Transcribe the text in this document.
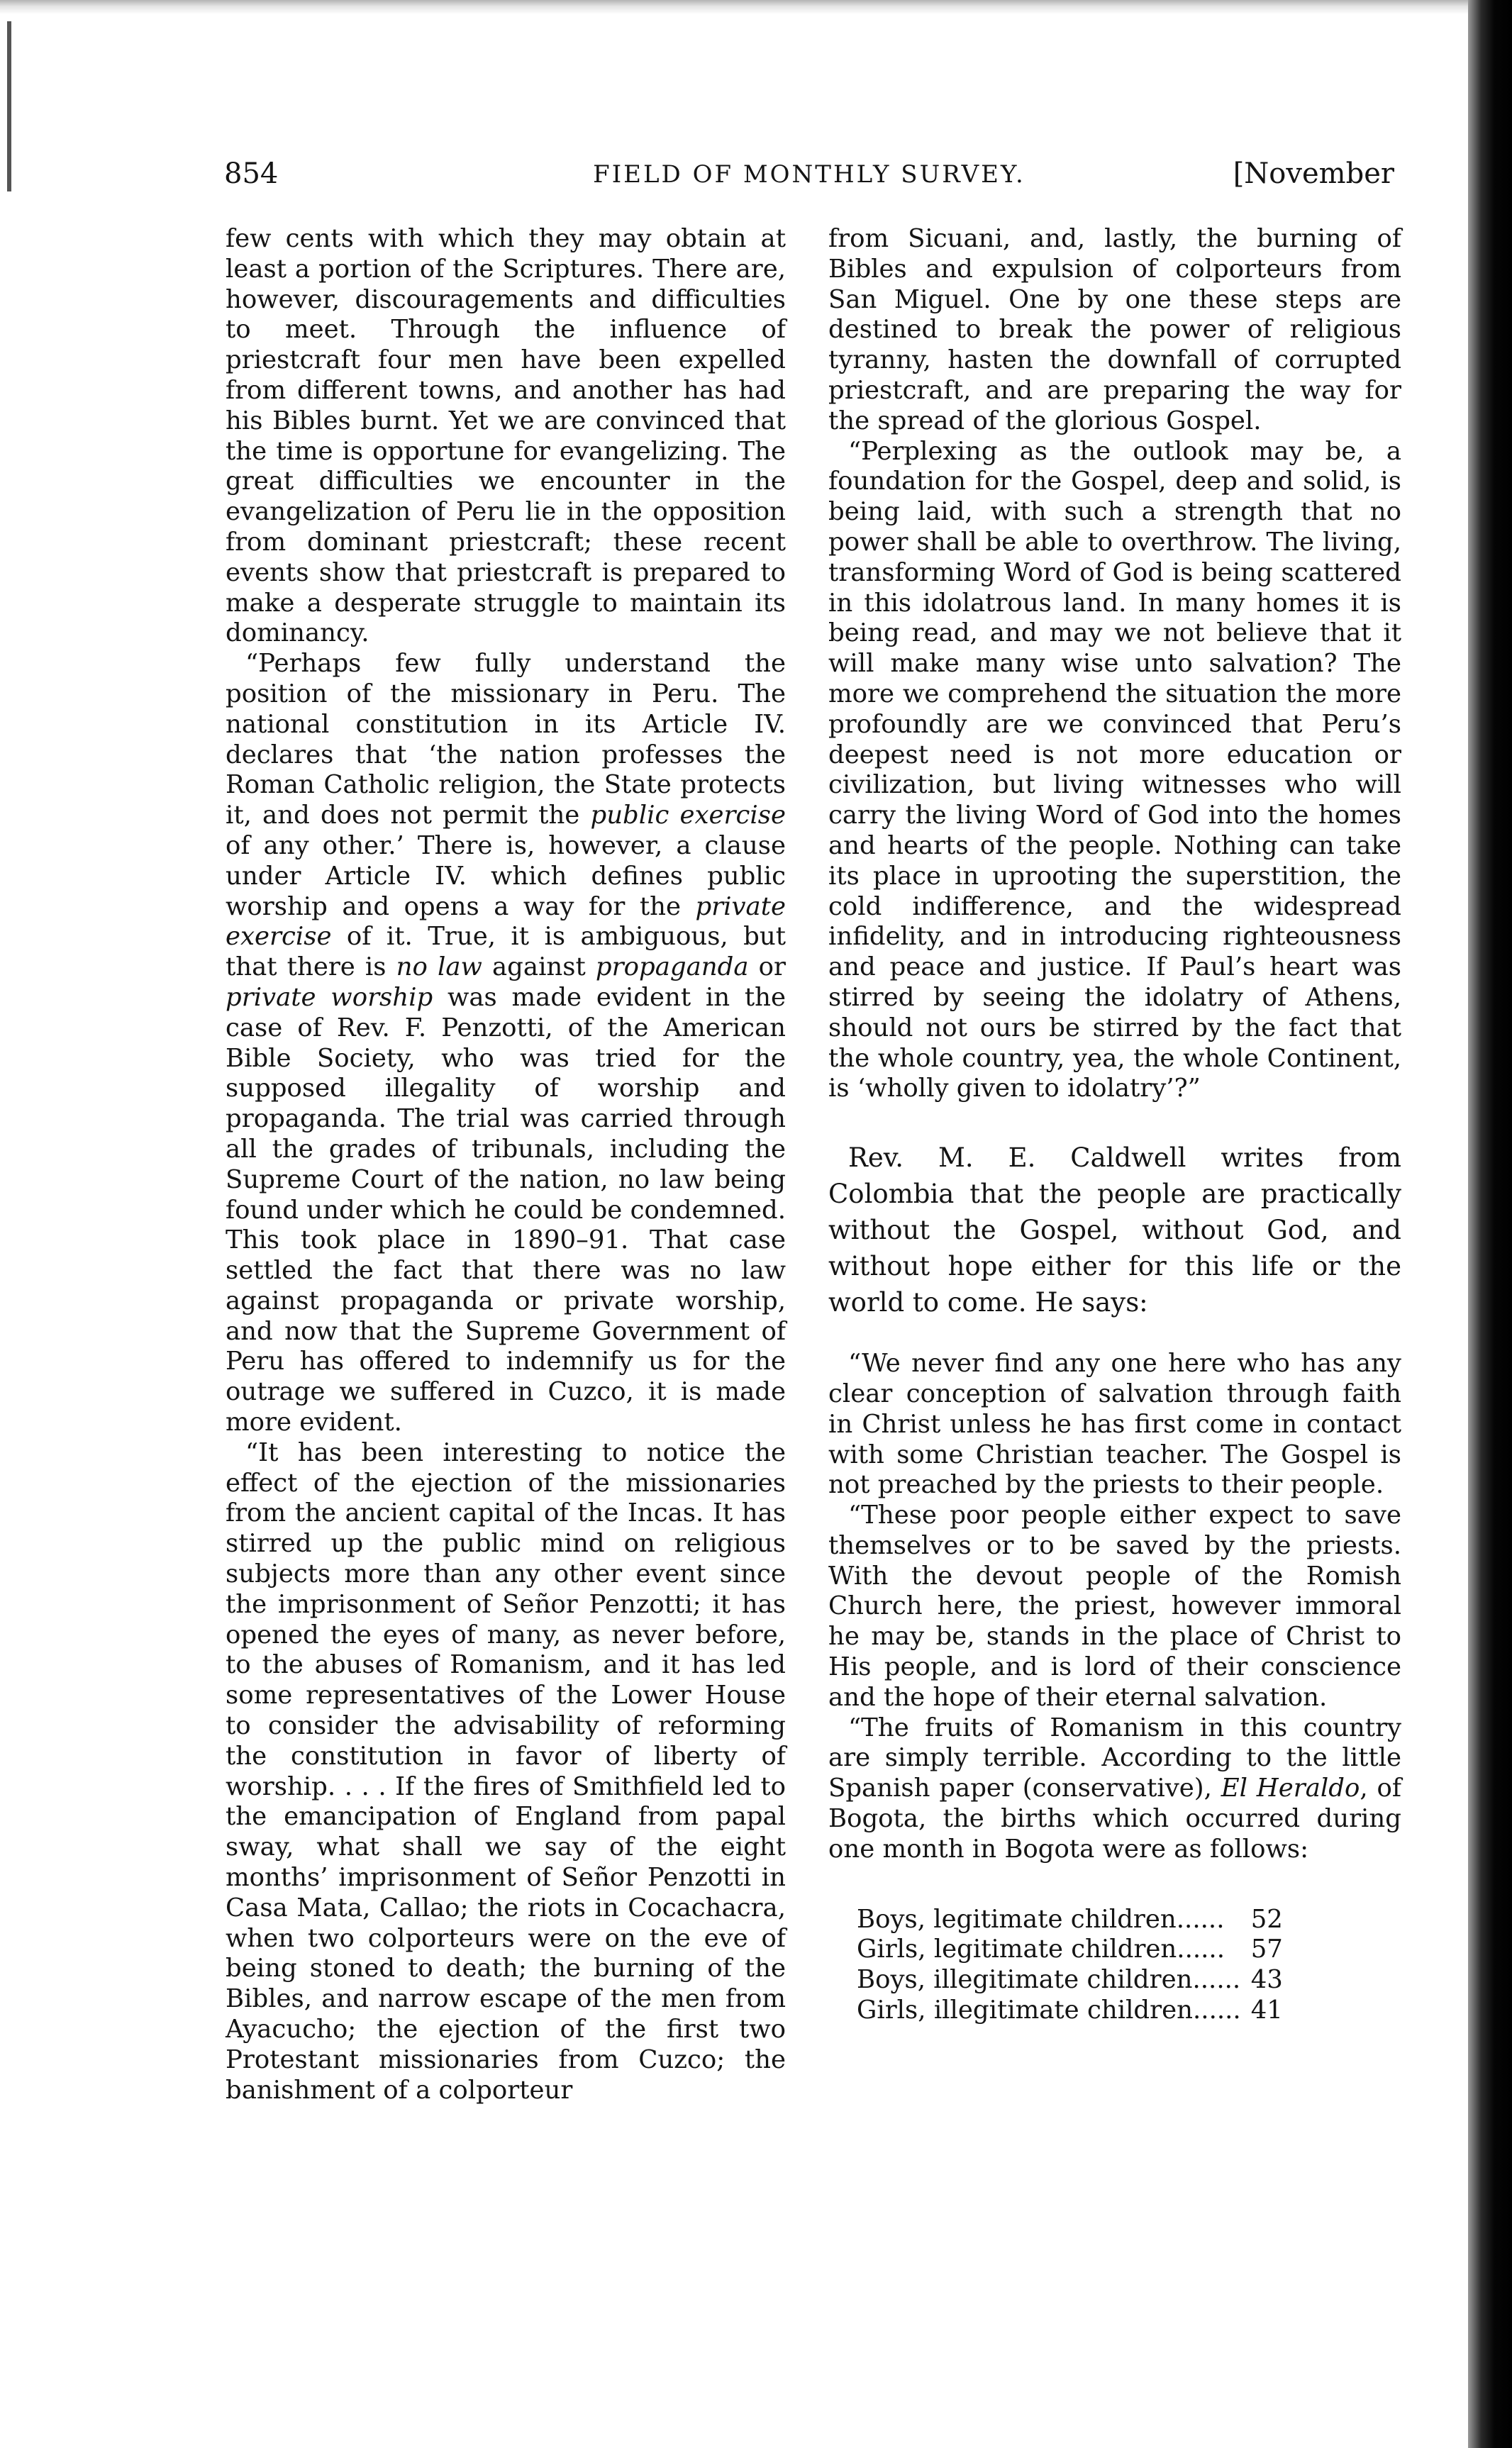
854	FIELD OF MONTHLY SURVEY.	[November

few cents with which they may obtain at least a portion of the Scriptures. There are, however, discouragements and difficulties to meet. Through the influence of priestcraft four men have been expelled from different towns, and another has had his Bibles burnt. Yet we are convinced that the time is opportune for evangelizing. The great difficulties we encounter in the evangelization of Peru lie in the opposition from dominant priestcraft; these recent events show that priestcraft is prepared to make a desperate struggle to maintain its dominancy.

“Perhaps few fully understand the position of the missionary in Peru. The national constitution in its Article IV. declares that ‘the nation professes the Roman Catholic religion, the State protects it, and does not permit the public exercise of any other.’ There is, however, a clause under Article IV. which defines public worship and opens a way for the private exercise of it. True, it is ambiguous, but that there is no law against propaganda or private worship was made evident in the case of Rev. F. Penzotti, of the American Bible Society, who was tried for the supposed illegality of worship and propaganda. The trial was carried through all the grades of tribunals, including the Supreme Court of the nation, no law being found under which he could be condemned. This took place in 1890–91. That case settled the fact that there was no law against propaganda or private worship, and now that the Supreme Government of Peru has offered to indemnify us for the outrage we suffered in Cuzco, it is made more evident.

“It has been interesting to notice the effect of the ejection of the missionaries from the ancient capital of the Incas. It has stirred up the public mind on religious subjects more than any other event since the imprisonment of Señor Penzotti; it has opened the eyes of many, as never before, to the abuses of Romanism, and it has led some representatives of the Lower House to consider the advisability of reforming the constitution in favor of liberty of worship. . . . If the fires of Smithfield led to the emancipation of England from papal sway, what shall we say of the eight months’ imprisonment of Señor Penzotti in Casa Mata, Callao; the riots in Cocachacra, when two colporteurs were on the eve of being stoned to death; the burning of the Bibles, and narrow escape of the men from Ayacucho; the ejection of the first two Protestant missionaries from Cuzco; the banishment of a colporteur

from Sicuani, and, lastly, the burning of Bibles and expulsion of colporteurs from San Miguel. One by one these steps are destined to break the power of religious tyranny, hasten the downfall of corrupted priestcraft, and are preparing the way for the spread of the glorious Gospel.

“Perplexing as the outlook may be, a foundation for the Gospel, deep and solid, is being laid, with such a strength that no power shall be able to overthrow. The living, transforming Word of God is being scattered in this idolatrous land. In many homes it is being read, and may we not believe that it will make many wise unto salvation? The more we comprehend the situation the more profoundly are we convinced that Peru’s deepest need is not more education or civilization, but living witnesses who will carry the living Word of God into the homes and hearts of the people. Nothing can take its place in uprooting the superstition, the cold indifference, and the widespread infidelity, and in introducing righteousness and peace and justice. If Paul’s heart was stirred by seeing the idolatry of Athens, should not ours be stirred by the fact that the whole country, yea, the whole Continent, is ‘wholly given to idolatry’?”

Rev. M. E. Caldwell writes from Colombia that the people are practically without the Gospel, without God, and without hope either for this life or the world to come. He says:

“We never find any one here who has any clear conception of salvation through faith in Christ unless he has first come in contact with some Christian teacher. The Gospel is not preached by the priests to their people.

“These poor people either expect to save themselves or to be saved by the priests. With the devout people of the Romish Church here, the priest, however immoral he may be, stands in the place of Christ to His people, and is lord of their conscience and the hope of their eternal salvation.

“The fruits of Romanism in this country are simply terrible. According to the little Spanish paper (conservative), El Heraldo, of Bogota, the births which occurred during one month in Bogota were as follows:

Boys, legitimate children......	52
Girls, legitimate children......	57
Boys, illegitimate children......	43
Girls, illegitimate children......	41
